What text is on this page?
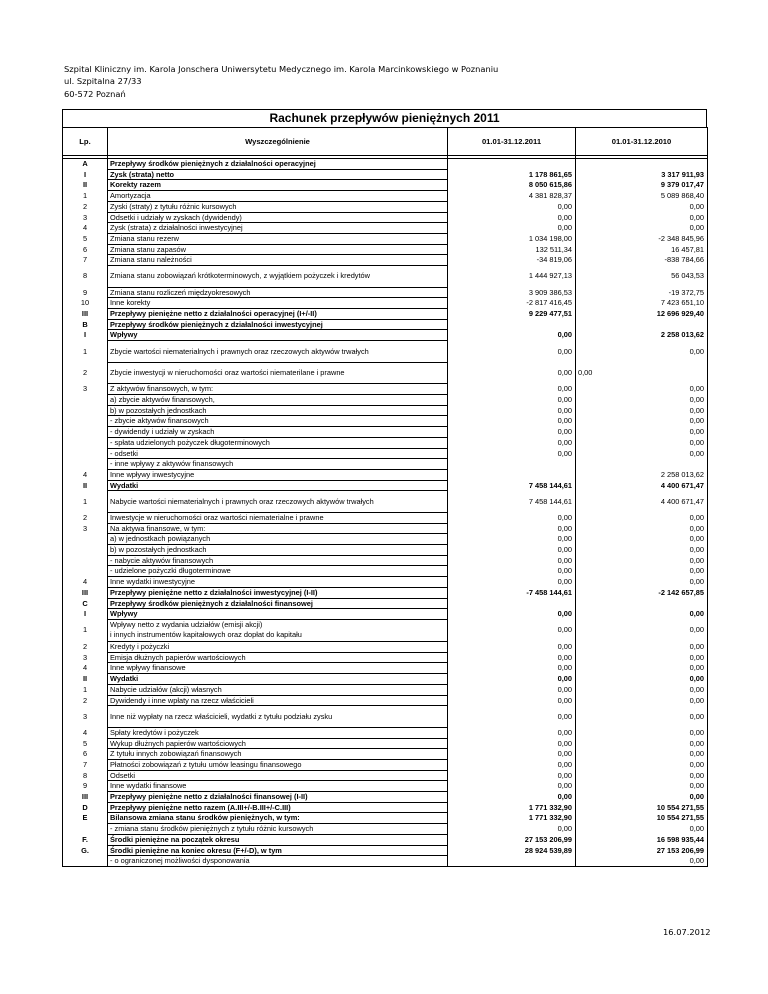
Szpital Kliniczny im. Karola Jonschera Uniwersytetu Medycznego im. Karola Marcinkowskiego w Poznaniu
ul. Szpitalna 27/33
60-572 Poznań
Rachunek przepływów pieniężnych 2011
Lp.	Wyszczególnienie	01.01-31.12.2011	01.01-31.12.2010

A	Przepływy środków pieniężnych z działalności operacyjnej		
I	Zysk (strata) netto	1 178 861,65	3 317 911,93
II	Korekty razem	8 050 615,86	9 379 017,47
1	Amortyzacja	4 381 828,37	5 089 868,40
2	Zyski (straty) z tytułu różnic kursowych	0,00	0,00
3	Odsetki i udziały w zyskach (dywidendy)	0,00	0,00
4	Zysk (strata) z działalności inwestycyjnej	0,00	0,00
5	Zmiana stanu rezerw	1 034 198,00	-2 348 845,96
6	Zmiana stanu zapasów	132 511,34	16 457,81
7	Zmiana stanu należności	-34 819,06	-838 784,66
8	Zmiana stanu zobowiązań krótkoterminowych, z wyjątkiem pożyczek i kredytów	1 444 927,13	56 043,53
9	Zmiana stanu rozliczeń międzyokresowych	3 909 386,53	-19 372,75
10	Inne korekty	-2 817 416,45	7 423 651,10
III	Przepływy pieniężne netto z działalności operacyjnej (I+/-II)	9 229 477,51	12 696 929,40
B	Przepływy środków pieniężnych z działalności inwestycyjnej		
I	Wpływy	0,00	2 258 013,62
1	Zbycie wartości niematerialnych i prawnych oraz rzeczowych aktywów trwałych	0,00	0,00
2	Zbycie inwestycji w nieruchomości oraz wartości niematerilane i prawne	0,00	0,00
3	Z aktywów finansowych, w tym:	0,00	0,00
	a) zbycie aktywów finansowych,	0,00	0,00
	b) w pozostałych jednostkach	0,00	0,00
	- zbycie aktywów finansowych	0,00	0,00
	- dywidendy i udziały w zyskach	0,00	0,00
	- spłata udzielonych pożyczek długoterminowych	0,00	0,00
	- odsetki	0,00	0,00
	- inne wpływy z aktywów finansowych		
4	Inne wpływy inwestycyjne		2 258 013,62
II	Wydatki	7 458 144,61	4 400 671,47
1	Nabycie wartości niematerialnych i prawnych oraz rzeczowych aktywów trwałych	7 458 144,61	4 400 671,47
2	Inwestycje w nieruchomości oraz wartości niematerialne i prawne	0,00	0,00
3	Na aktywa finansowe, w tym:	0,00	0,00
	a) w jednostkach powiązanych	0,00	0,00
	b) w pozostałych jednostkach	0,00	0,00
	- nabycie aktywów finansowych	0,00	0,00
	- udzielone pożyczki długoterminowe	0,00	0,00
4	Inne wydatki inwestycyjne	0,00	0,00
III	Przepływy pieniężne netto z działalności inwestycyjnej (I-II)	-7 458 144,61	-2 142 657,85
C	Przepływy środków pieniężnych z działalności finansowej		
I	Wpływy	0,00	0,00
1	Wpływy netto z wydania udziałów (emisji akcji)
i innych instrumentów kapitałowych oraz dopłat do kapitału	0,00	0,00
2	Kredyty i pożyczki	0,00	0,00
3	Emisja dłużnych papierów wartościowych	0,00	0,00
4	Inne wpływy finansowe	0,00	0,00
II	Wydatki	0,00	0,00
1	Nabycie udziałów (akcji) własnych	0,00	0,00
2	Dywidendy i inne wpłaty na rzecz właścicieli	0,00	0,00
3	Inne niż wypłaty na rzecz właścicieli, wydatki z tytułu podziału zysku	0,00	0,00
4	Spłaty kredytów i pożyczek	0,00	0,00
5	Wykup dłużnych papierów wartościowych	0,00	0,00
6	Z tytułu innych zobowiązań finansowych	0,00	0,00
7	Płatności zobowiązań z tytułu umów leasingu finansowego	0,00	0,00
8	Odsetki	0,00	0,00
9	Inne wydatki finansowe	0,00	0,00
III	Przepływy pieniężne netto z działalności finansowej (I-II)	0,00	0,00
D	Przepływy pieniężne netto razem (A.III+/-B.III+/-C.III)	1 771 332,90	10 554 271,55
E	Bilansowa zmiana stanu środków pieniężnych, w tym:	1 771 332,90	10 554 271,55
	- zmiana stanu środków pieniężnych z tytułu różnic kursowych	0,00	0,00
F.	Środki pieniężne na początek okresu	27 153 206,99	16 598 935,44
G.	Środki pieniężne na koniec okresu (F+/-D), w tym	28 924 539,89	27 153 206,99
	- o ograniczonej możliwości dysponowania		0,00
16.07.2012
